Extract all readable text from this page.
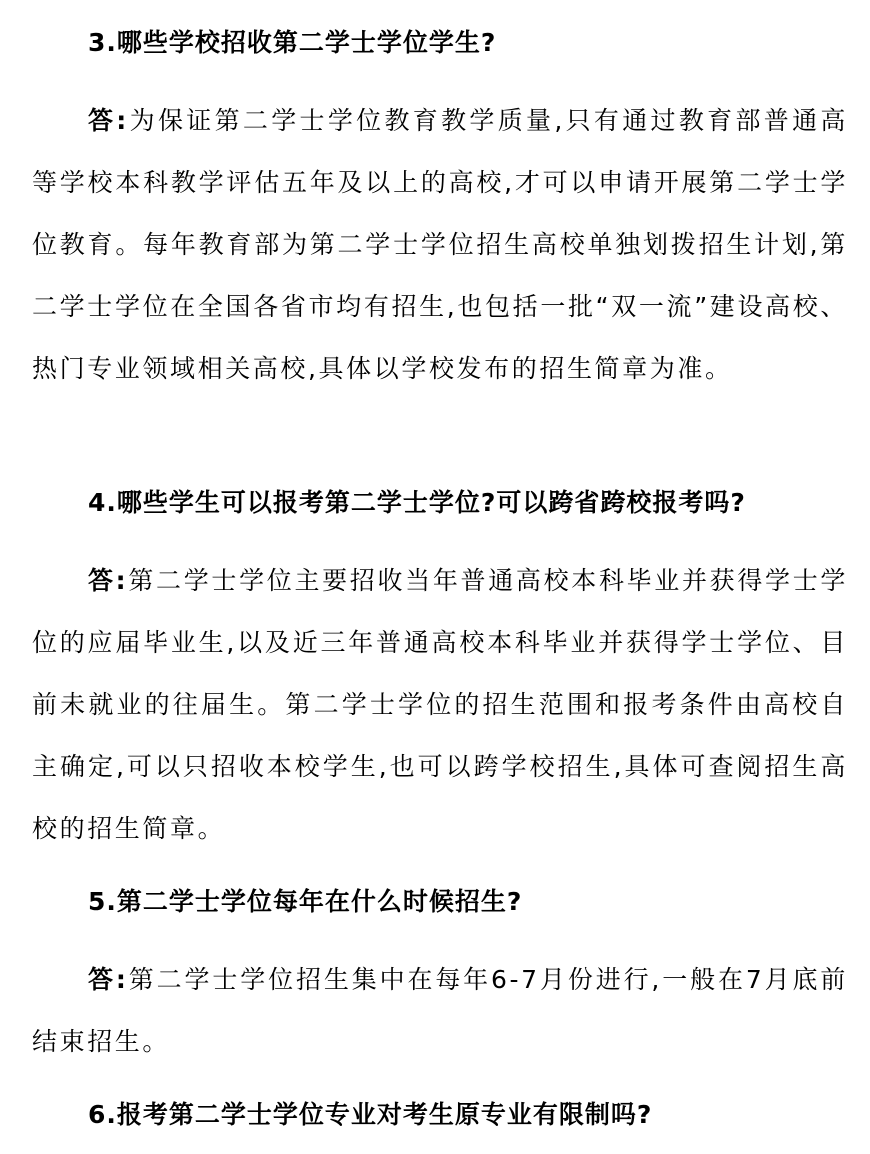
3.哪些学校招收第二学士学位学生?

答:为保证第二学士学位教育教学质量,只有通过教育部普通高等学校本科教学评估五年及以上的高校,才可以申请开展第二学士学位教育。每年教育部为第二学士学位招生高校单独划拨招生计划,第二学士学位在全国各省市均有招生,也包括一批“双一流”建设高校、热门专业领域相关高校,具体以学校发布的招生简章为准。

4.哪些学生可以报考第二学士学位?可以跨省跨校报考吗?

答:第二学士学位主要招收当年普通高校本科毕业并获得学士学位的应届毕业生,以及近三年普通高校本科毕业并获得学士学位、目前未就业的往届生。第二学士学位的招生范围和报考条件由高校自主确定,可以只招收本校学生,也可以跨学校招生,具体可查阅招生高校的招生简章。

5.第二学士学位每年在什么时候招生?

答:第二学士学位招生集中在每年6-7月份进行,一般在7月底前结束招生。

6.报考第二学士学位专业对考生原专业有限制吗?
